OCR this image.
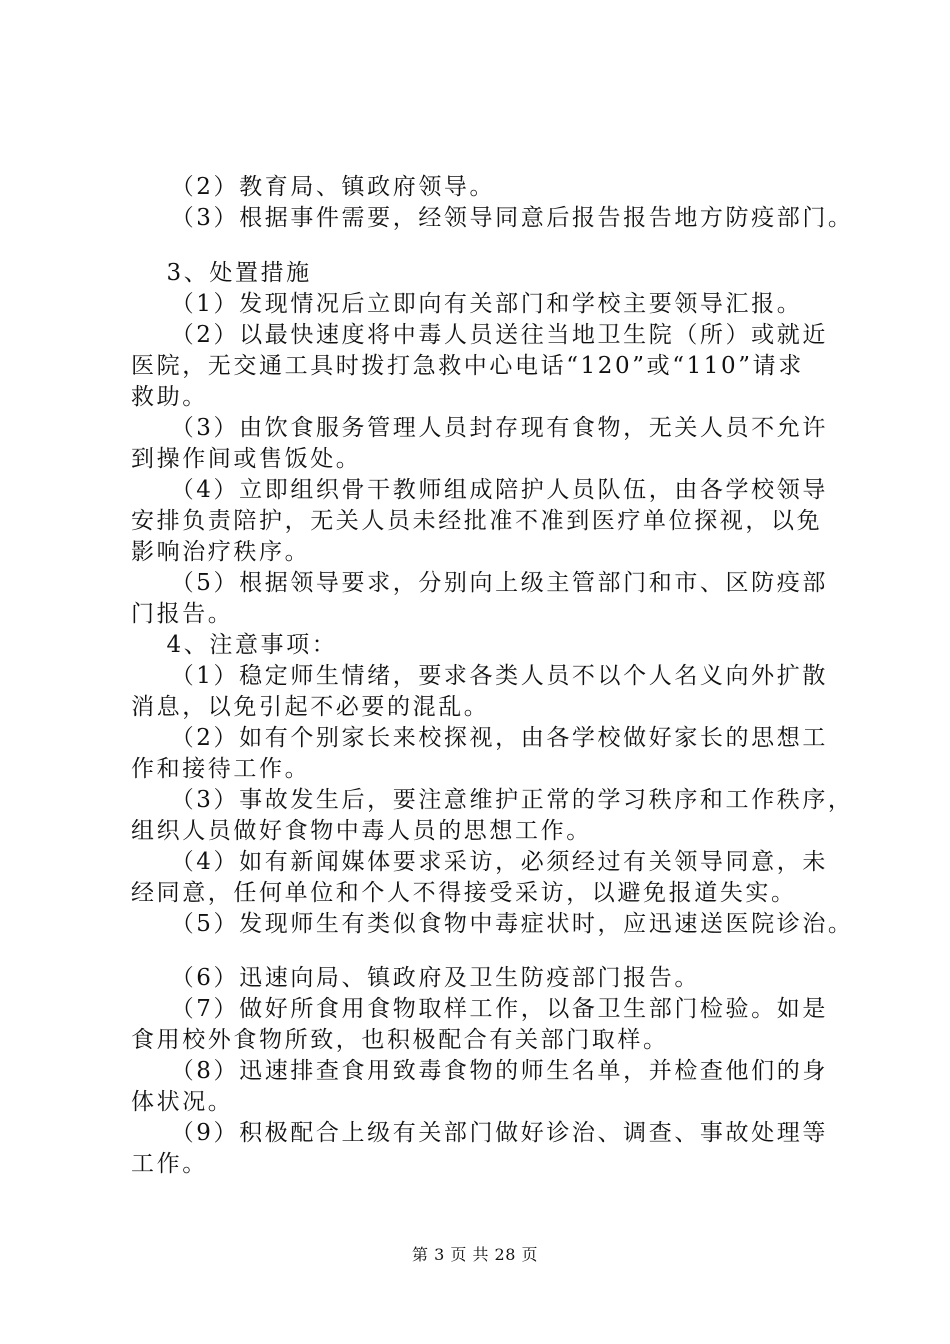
　　（2）教育局、镇政府领导。
　　（3）根据事件需要，经领导同意后报告报告地方防疫部门。
　 3、处置措施
　　（1）发现情况后立即向有关部门和学校主要领导汇报。
　　（2）以最快速度将中毒人员送往当地卫生院（所）或就近
医院，无交通工具时拨打急救中心电话“120”或“110”请求
救助。
　　（3）由饮食服务管理人员封存现有食物，无关人员不允许
到操作间或售饭处。
　　（4）立即组织骨干教师组成陪护人员队伍，由各学校领导
安排负责陪护，无关人员未经批准不准到医疗单位探视，以免
影响治疗秩序。
　　（5）根据领导要求，分别向上级主管部门和市、区防疫部
门报告。
　 4、注意事项：
　　（1）稳定师生情绪，要求各类人员不以个人名义向外扩散
消息，以免引起不必要的混乱。
　　（2）如有个别家长来校探视，由各学校做好家长的思想工
作和接待工作。
　　（3）事故发生后，要注意维护正常的学习秩序和工作秩序，
组织人员做好食物中毒人员的思想工作。
　　（4）如有新闻媒体要求采访，必须经过有关领导同意，未
经同意，任何单位和个人不得接受采访，以避免报道失实。
　　（5）发现师生有类似食物中毒症状时，应迅速送医院诊治。
　　（6）迅速向局、镇政府及卫生防疫部门报告。
　　（7）做好所食用食物取样工作，以备卫生部门检验。如是
食用校外食物所致，也积极配合有关部门取样。
　　（8）迅速排查食用致毒食物的师生名单，并检查他们的身
体状况。
　　（9）积极配合上级有关部门做好诊治、调查、事故处理等
工作。
第 3 页 共 28 页
